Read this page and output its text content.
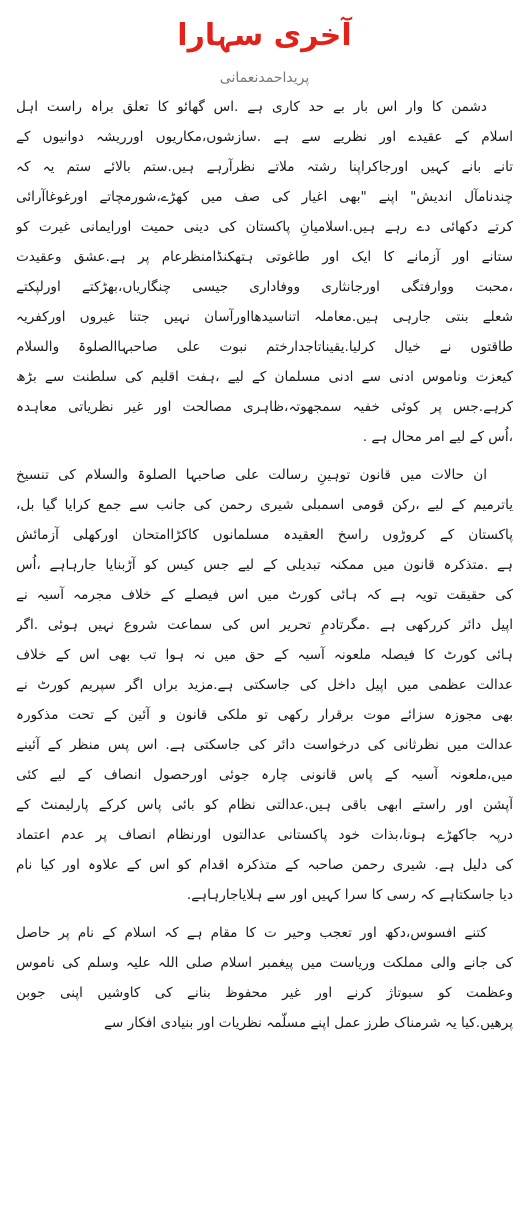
آخری سہارا
پریداحمدنعمانی
دشمن کا وار اس بار بے حد کاری ہے .اس گھائو کا تعلق براہ راست اہل
اسلام کے عقیدے اور نظریے سے ہے .سازشوں،مکاریوں اورریشہ دوانیوں کے
تانے بانے کہیں اورجاکراپنا رشتہ ملاتے نظرآرہے ہیں.ستم بالائے ستم یہ کہ
چندنامآل اندیش" اپنے "بھی اغیار کی صف میں کھڑے،شورمچاتے اورغوغاآرائی
کرتے دکھائی دے رہے ہیں.اسلامیانِ پاکستان کی دینی حمیت اورایمانی غیرت کو
ستانے اور آزمانے کا ایک اور طاغوتی ہتھکنڈامنظرعام پر ہے.عشق وعقیدت
،محبت ووارفتگی اورجانثاری ووفاداری جیسی چنگاریاں،بھڑکتے اورلپکتے
شعلے بنتی جارہی ہیں.معاملہ اتناسیدھااورآسان نہیں جتنا غیروں اورکفریہ
طاقتوں نے خیال کرلیا.یقیناتاجدارختم نبوت علی صاحبہاالصلوۃ والسلام
کیعزت وناموس ادنی سے ادنی مسلمان کے لیے ،ہفت اقلیم کی سلطنت سے بڑھ
کرہے.جس پر کوئی خفیہ سمجھوتہ،ظاہری مصالحت اور غیر نظریاتی معاہدہ
،اُس کے لیے امر محال ہے .
ان حالات میں قانون توہینِ رسالت علی صاحبہا الصلوۃ والسلام کی تنسیخ
یاترمیم کے لیے ،رکن قومی اسمبلی شیری رحمن کی جانب سے جمع کرایا گیا بل،
پاکستان کے کروڑوں راسخ العقیدہ مسلمانوں کاکڑاامتحان اورکھلی آزمائش
ہے .متذکرہ قانون میں ممکنہ تبدیلی کے لیے جس کیس کو آڑبنایا جارہاہے ،اُس
کی حقیقت تویہ ہے کہ ہائی کورٹ میں اس فیصلے کے خلاف مجرمہ آسیہ نے
اپیل دائر کررکھی ہے .مگرتادمِ تحریر اس کی سماعت شروع نہیں ہوئی .اگر
ہائی کورٹ کا فیصلہ ملعونہ آسیہ کے حق میں نہ ہوا تب بھی اس کے خلاف
عدالت عظمی میں اپیل داخل کی جاسکتی ہے.مزید براں اگر سپریم کورٹ نے
بھی مجوزہ سزائے موت برقرار رکھی تو ملکی قانون و آئین کے تحت مذکورہ
عدالت میں نظرثانی کی درخواست دائر کی جاسکتی ہے. اس پس منظر کے آئینے
میں،ملعونہ آسیہ کے پاس قانونی چارہ جوئی اورحصول انصاف کے لیے کئی
آپشن اور راستے ابھی باقی ہیں.عدالتی نظام کو بائی پاس کرکے پارلیمنٹ کے
درپہ جاکھڑے ہونا،بذات خود پاکستانی عدالتوں اورنظام انصاف پر عدم اعتماد
کی دلیل ہے. شیری رحمن صاحبہ کے متذکرہ اقدام کو اس کے علاوہ اور کیا نام
دیا جاسکتاہے کہ رسی کا سرا کہیں اور سے ہلایاجارہاہے.
کتنے افسوس،دکھ اور تعجب وحیر ت کا مقام ہے کہ اسلام کے نام پر حاصل
کی جانے والی مملکت وریاست میں پیغمبر اسلام صلی اللہ علیہ وسلم کی ناموس
وعظمت کو سبوتاژ کرنے اور غیر محفوظ بنانے کی کاوشیں اپنی جوبن
پرھیں.کیا یہ شرمناک طرز عمل اپنے مسلّمہ نظریات اور بنیادی افکار سے
